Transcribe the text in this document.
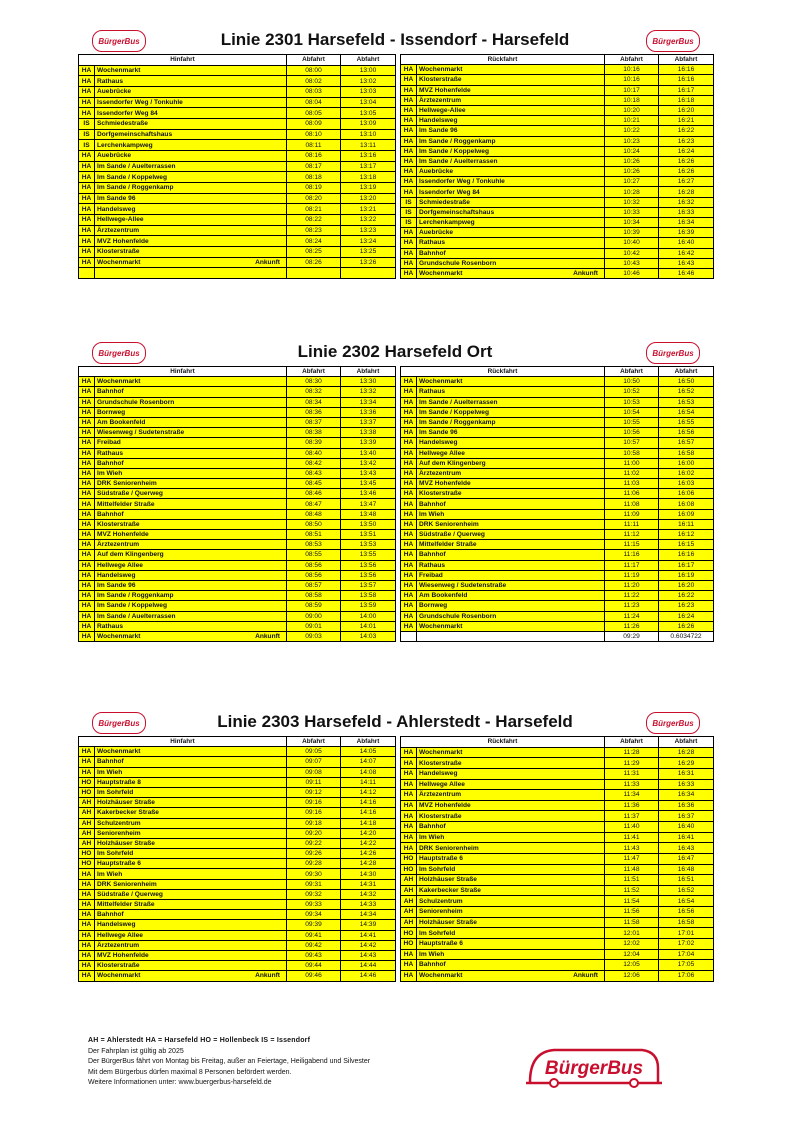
Linie 2301 Harsefeld - Issendorf - Harsefeld
BürgerBus	BürgerBus
Hinfahrt		Abfahrt	Abfahrt
HA	Wochenmarkt	08:00	13:00
HA	Rathaus	08:02	13:02
HA	Auebrücke	08:03	13:03
HA	Issendorfer Weg / Tonkuhle	08:04	13:04
HA	Issendorfer Weg 84	08:05	13:05
IS	Schmiedestraße	08:09	13:09
IS	Dorfgemeinschaftshaus	08:10	13:10
IS	Lerchenkampweg	08:11	13:11
HA	Auebrücke	08:16	13:16
HA	Im Sande / Auelterrassen	08:17	13:17
HA	Im Sande / Koppelweg	08:18	13:18
HA	Im Sande / Roggenkamp	08:19	13:19
HA	Im Sande 96	08:20	13:20
HA	Handelsweg	08:21	13:21
HA	Hellwege-Allee	08:22	13:22
HA	Ärztezentrum	08:23	13:23
HA	MVZ Hohenfelde	08:24	13:24
HA	Klosterstraße	08:25	13:25
HA	Wochenmarkt Ankunft	08:26	13:26

Rückfahrt		Abfahrt	Abfahrt
HA	Wochenmarkt	10:16	16:16
HA	Klosterstraße	10:16	16:16
HA	MVZ Hohenfelde	10:17	16:17
HA	Ärztezentrum	10:18	16:18
HA	Hellwege-Allee	10:20	16:20
HA	Handelsweg	10:21	16:21
HA	Im Sande 96	10:22	16:22
HA	Im Sande / Roggenkamp	10:23	16:23
HA	Im Sande / Koppelweg	10:24	16:24
HA	Im Sande / Auelterrassen	10:26	16:26
HA	Auebrücke	10:26	16:26
HA	Issendorfer Weg / Tonkuhle	10:27	16:27
HA	Issendorfer Weg 84	10:28	16:28
IS	Schmiedestraße	10:32	16:32
IS	Dorfgemeinschaftshaus	10:33	16:33
IS	Lerchenkampweg	10:34	16:34
HA	Auebrücke	10:39	16:39
HA	Rathaus	10:40	16:40
HA	Bahnhof	10:42	16:42
HA	Grundschule Rosenborn	10:43	16:43
HA	Wochenmarkt Ankunft	10:46	16:46
Linie 2302 Harsefeld Ort
BürgerBus	BürgerBus
Hinfahrt		Abfahrt	Abfahrt
HA	Wochenmarkt	08:30	13:30
HA	Bahnhof	08:32	13:32
HA	Grundschule Rosenborn	08:34	13:34
HA	Bornweg	08:36	13:36
HA	Am Bookenfeld	08:37	13:37
HA	Wiesenweg / Sudetenstraße	08:38	13:38
HA	Freibad	08:39	13:39
HA	Rathaus	08:40	13:40
HA	Bahnhof	08:42	13:42
HA	Im Wieh	08:43	13:43
HA	DRK Seniorenheim	08:45	13:45
HA	Südstraße / Querweg	08:46	13:46
HA	Mittelfelder Straße	08:47	13:47
HA	Bahnhof	08:48	13:48
HA	Klosterstraße	08:50	13:50
HA	MVZ Hohenfelde	08:51	13:51
HA	Ärztezentrum	08:53	13:53
HA	Auf dem Klingenberg	08:55	13:55
HA	Hellwege Allee	08:56	13:56
HA	Handelsweg	08:56	13:56
HA	Im Sande 96	08:57	13:57
HA	Im Sande / Roggenkamp	08:58	13:58
HA	Im Sande / Koppelweg	08:59	13:59
HA	Im Sande / Auelterrassen	09:00	14:00
HA	Rathaus	09:01	14:01
HA	Wochenmarkt Ankunft	09:03	14:03
Rückfahrt		Abfahrt	Abfahrt
HA	Wochenmarkt	10:50	16:50
HA	Rathaus	10:52	16:52
HA	Im Sande / Auelterrassen	10:53	16:53
HA	Im Sande / Koppelweg	10:54	16:54
HA	Im Sande / Roggenkamp	10:55	16:55
HA	Im Sande 96	10:56	16:56
HA	Handelsweg	10:57	16:57
HA	Hellwege Allee	10:58	16:58
HA	Auf dem Klingenberg	11:00	16:00
HA	Ärztezentrum	11:02	16:02
HA	MVZ Hohenfelde	11:03	16:03
HA	Klosterstraße	11:06	16:06
HA	Bahnhof	11:08	16:08
HA	Im Wieh	11:09	16:09
HA	DRK Seniorenheim	11:11	16:11
HA	Südstraße / Querweg	11:12	16:12
HA	Mittelfelder Straße	11:15	16:15
HA	Bahnhof	11:16	16:16
HA	Rathaus	11:17	16:17
HA	Freibad	11:19	16:19
HA	Wiesenweg / Sudetenstraße	11:20	16:20
HA	Am Bookenfeld	11:22	16:22
HA	Bornweg	11:23	16:23
HA	Grundschule Rosenborn	11:24	16:24
HA	Wochenmarkt	11:26	16:26
		09:29	0.6034722
Linie 2303 Harsefeld - Ahlerstedt - Harsefeld
BürgerBus	BürgerBus
Hinfahrt		Abfahrt	Abfahrt
HA	Wochenmarkt	09:05	14:05
HA	Bahnhof	09:07	14:07
HA	Im Wieh	09:08	14:08
HO	Hauptstraße 8	09:11	14:11
HO	Im Sohrfeld	09:12	14:12
AH	Holzhäuser Straße	09:16	14:16
AH	Kakerbecker Straße	09:16	14:16
AH	Schulzentrum	09:18	14:18
AH	Seniorenheim	09:20	14:20
AH	Holzhäuser Straße	09:22	14:22
HO	Im Sohrfeld	09:26	14:26
HO	Hauptstraße 6	09:28	14:28
HA	Im Wieh	09:30	14:30
HA	DRK Seniorenheim	09:31	14:31
HA	Südstraße / Querweg	09:32	14:32
HA	Mittelfelder Straße	09:33	14:33
HA	Bahnhof	09:34	14:34
HA	Handelsweg	09:39	14:39
HA	Hellwege Allee	09:41	14:41
HA	Ärztezentrum	09:42	14:42
HA	MVZ Hohenfelde	09:43	14:43
HA	Klosterstraße	09:44	14:44
HA	Wochenmarkt Ankunft	09:46	14:46
Rückfahrt		Abfahrt	Abfahrt
HA	Wochenmarkt	11:28	16:28
HA	Klosterstraße	11:29	16:29
HA	Handelsweg	11:31	16:31
HA	Hellwege Allee	11:33	16:33
HA	Ärztezentrum	11:34	16:34
HA	MVZ Hohenfelde	11:36	16:36
HA	Klosterstraße	11:37	16:37
HA	Bahnhof	11:40	16:40
HA	Im Wieh	11:41	16:41
HA	DRK Seniorenheim	11:43	16:43
HO	Hauptstraße 6	11:47	16:47
HO	Im Sohrfeld	11:48	16:48
AH	Holzhäuser Straße	11:51	16:51
AH	Kakerbecker Straße	11:52	16:52
AH	Schulzentrum	11:54	16:54
AH	Seniorenheim	11:56	16:56
AH	Holzhäuser Straße	11:58	16:58
HO	Im Sohrfeld	12:01	17:01
HO	Hauptstraße 6	12:02	17:02
HA	Im Wieh	12:04	17:04
HA	Bahnhof	12:05	17:05
HA	Wochenmarkt Ankunft	12:06	17:06
AH = Ahlerstedt HA = Harsefeld HO = Hollenbeck IS = Issendorf
Der Fahrplan ist gültig ab 2025
Der BürgerBus fährt von Montag bis Freitag, außer an Feiertage, Heiligabend und Silvester
Mit dem Bürgerbus dürfen maximal 8 Personen befördert werden.
Weitere Informationen unter: www.buergerbus-harsefeld.de
BürgerBus
